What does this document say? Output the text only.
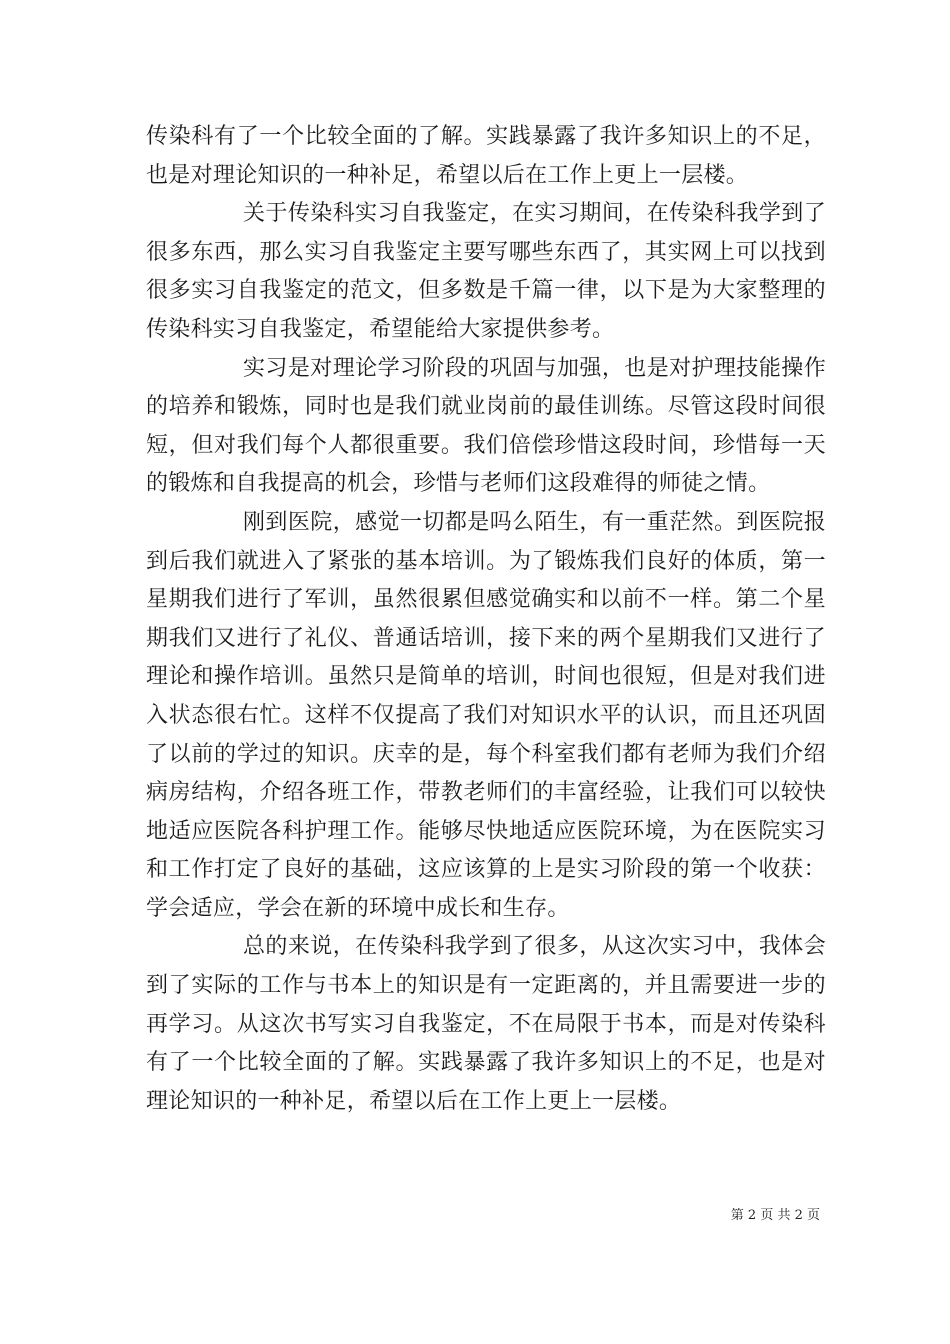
传染科有了一个比较全面的了解。实践暴露了我许多知识上的不足，也是对理论知识的一种补足，希望以后在工作上更上一层楼。

关于传染科实习自我鉴定，在实习期间，在传染科我学到了很多东西，那么实习自我鉴定主要写哪些东西了，其实网上可以找到很多实习自我鉴定的范文，但多数是千篇一律，以下是为大家整理的传染科实习自我鉴定，希望能给大家提供参考。

实习是对理论学习阶段的巩固与加强，也是对护理技能操作的培养和锻炼，同时也是我们就业岗前的最佳训练。尽管这段时间很短，但对我们每个人都很重要。我们倍偿珍惜这段时间，珍惜每一天的锻炼和自我提高的机会，珍惜与老师们这段难得的师徒之情。

刚到医院，感觉一切都是吗么陌生，有一重茫然。到医院报到后我们就进入了紧张的基本培训。为了锻炼我们良好的体质，第一星期我们进行了军训，虽然很累但感觉确实和以前不一样。第二个星期我们又进行了礼仪、普通话培训，接下来的两个星期我们又进行了理论和操作培训。虽然只是简单的培训，时间也很短，但是对我们进入状态很右忙。这样不仅提高了我们对知识水平的认识，而且还巩固了以前的学过的知识。庆幸的是，每个科室我们都有老师为我们介绍病房结构，介绍各班工作，带教老师们的丰富经验，让我们可以较快地适应医院各科护理工作。能够尽快地适应医院环境，为在医院实习和工作打定了良好的基础，这应该算的上是实习阶段的第一个收获：学会适应，学会在新的环境中成长和生存。

总的来说，在传染科我学到了很多，从这次实习中，我体会到了实际的工作与书本上的知识是有一定距离的，并且需要进一步的再学习。从这次书写实习自我鉴定，不在局限于书本，而是对传染科有了一个比较全面的了解。实践暴露了我许多知识上的不足，也是对理论知识的一种补足，希望以后在工作上更上一层楼。

第 2 页 共 2 页
